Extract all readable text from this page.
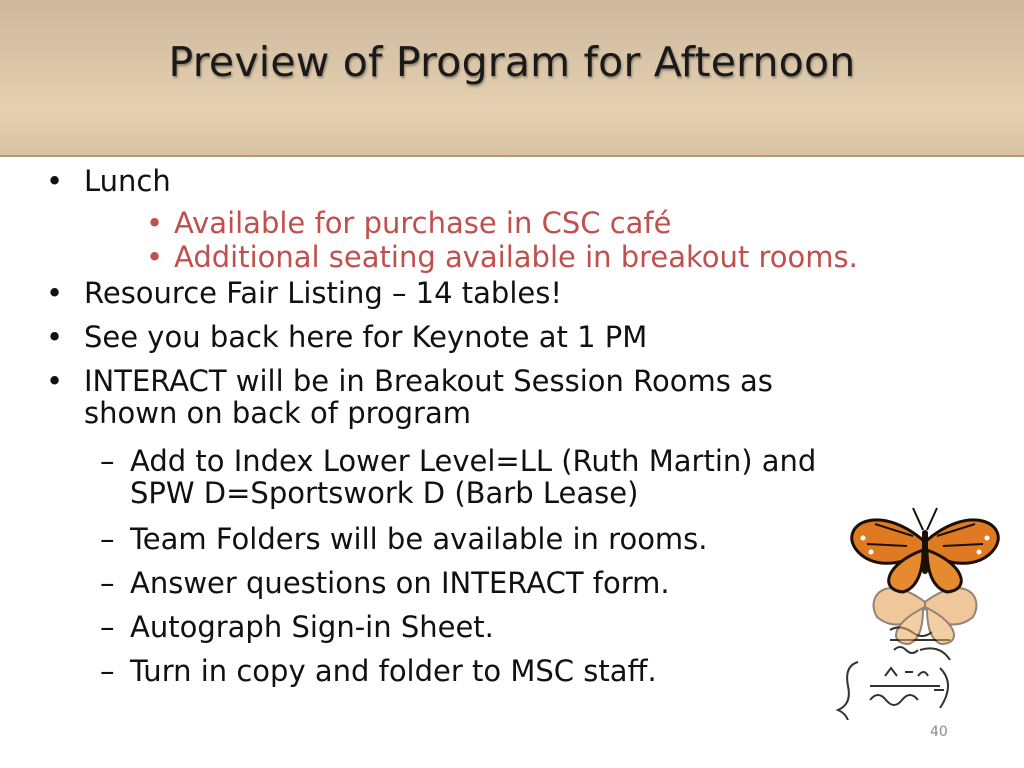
Preview of Program for Afternoon
• Lunch
• Available for purchase in CSC café
• Additional seating available in breakout rooms.
• Resource Fair Listing – 14 tables!
• See you back here for Keynote at 1 PM
• INTERACT will be in Breakout Session Rooms as
shown on back of program
– Add to Index Lower Level=LL (Ruth Martin) and
SPW D=Sportswork D (Barb Lease)
– Team Folders will be available in rooms.
– Answer questions on INTERACT form.
– Autograph Sign-in Sheet.
– Turn in copy and folder to MSC staff.
40
